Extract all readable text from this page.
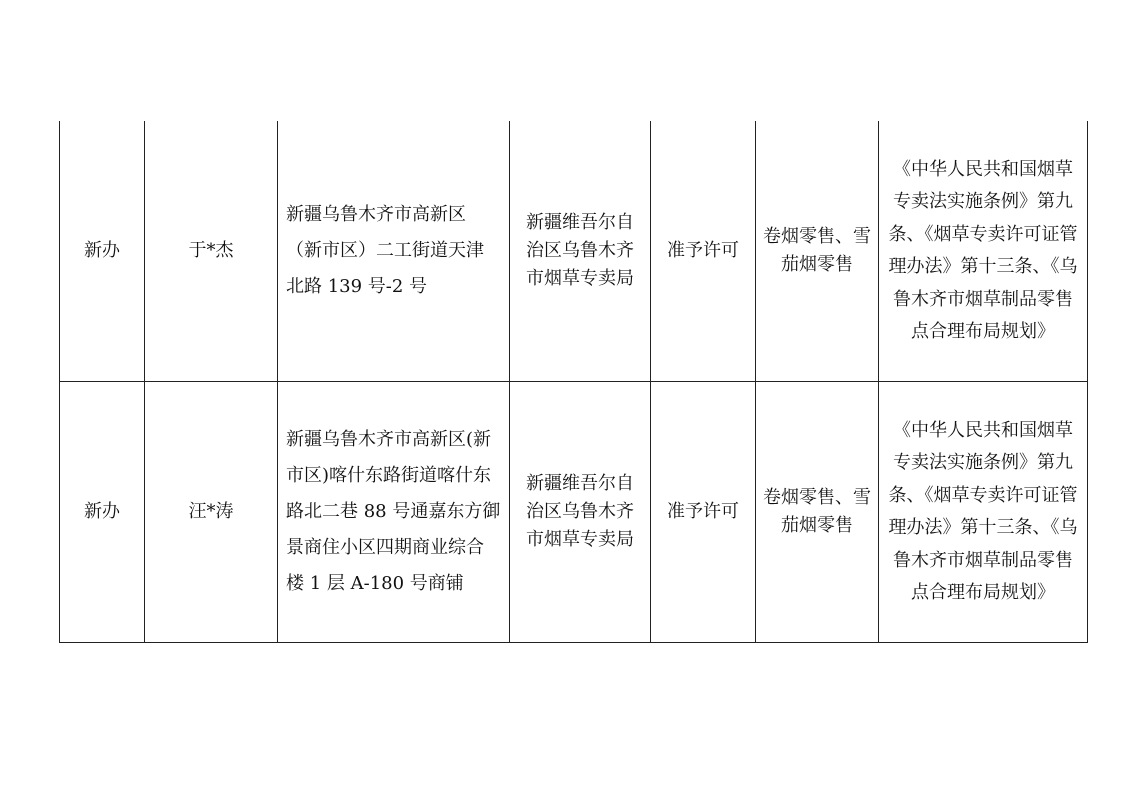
新办	于*杰	新疆乌鲁木齐市高新区（新市区）二工街道天津北路 139 号-2 号	新疆维吾尔自治区乌鲁木齐市烟草专卖局	准予许可	卷烟零售、雪茄烟零售	《中华人民共和国烟草专卖法实施条例》第九条、《烟草专卖许可证管理办法》第十三条、《乌鲁木齐市烟草制品零售点合理布局规划》
新办	汪*涛	新疆乌鲁木齐市高新区(新市区)喀什东路街道喀什东路北二巷 88 号通嘉东方御景商住小区四期商业综合楼 1 层 A-180 号商铺	新疆维吾尔自治区乌鲁木齐市烟草专卖局	准予许可	卷烟零售、雪茄烟零售	《中华人民共和国烟草专卖法实施条例》第九条、《烟草专卖许可证管理办法》第十三条、《乌鲁木齐市烟草制品零售点合理布局规划》
